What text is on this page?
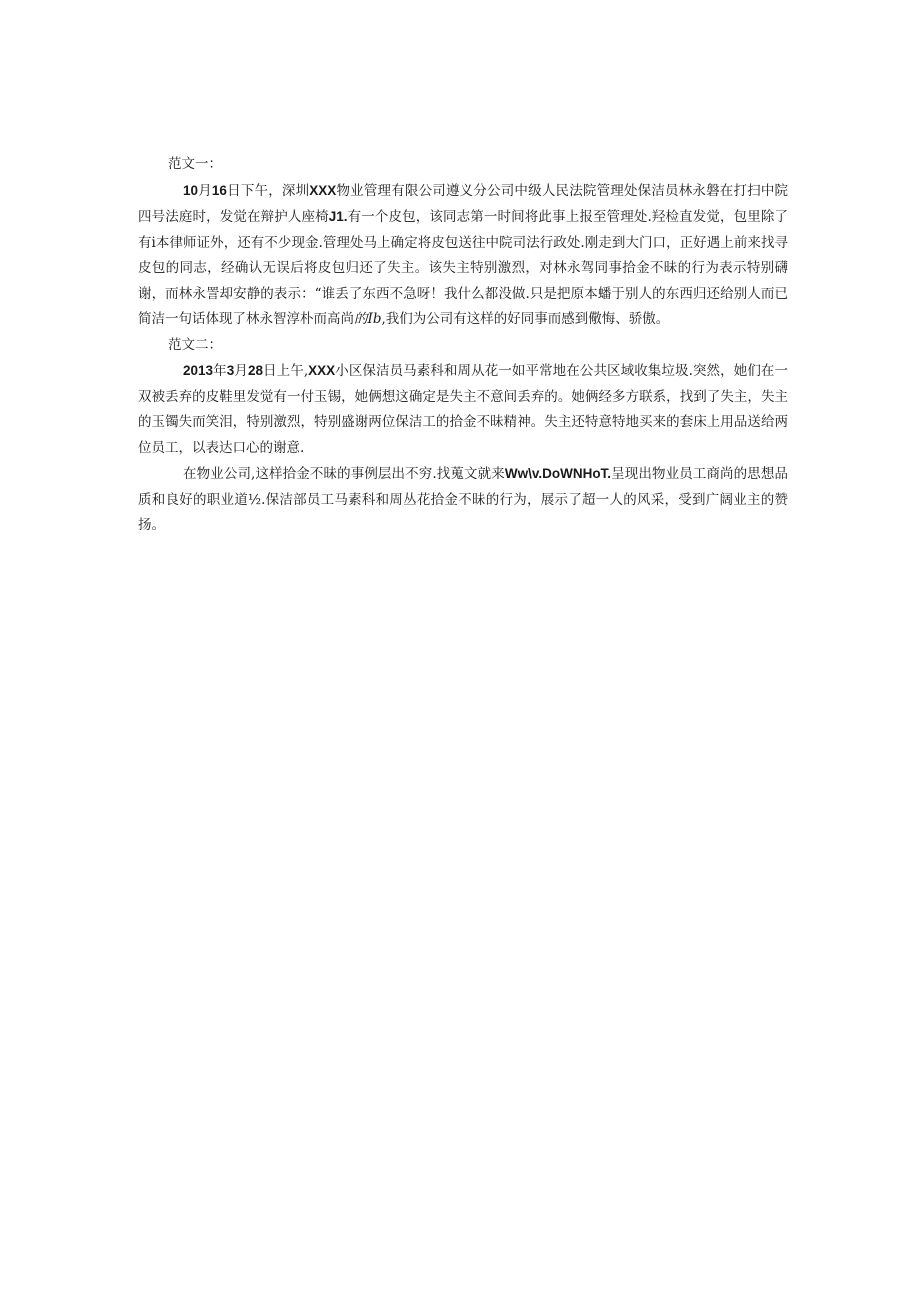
范文一：

10月16日下午，深圳XXX物业管理有限公司遵义分公司中级人民法院管理处保洁员林永磐在打扫中院四号法庭时，发觉在辩护人座椅J1.有一个皮包，该同志第一时间将此事上报至管理处.羟检直发觉，包里除了有i本律师证外，还有不少现金.管理处马上确定将皮包送往中院司法行政处.刚走到大门口，正好遇上前来找寻皮包的同志，经确认无误后将皮包归还了失主。该失主特别激烈，对林永驾同事拾金不昧的行为表示特别礴谢，而林永詈却安静的表示：“谁丢了东西不急呀！我什么都没做.只是把原本蟠于别人的东西归还给别人而已简洁一句话体现了林永智淳朴而高尚的Ib,我们为公司有这样的好同事而感到儆悔、骄傲。

范文二：

2013年3月28日上午,XXX小区保洁员马素科和周从花一如平常地在公共区域收集垃圾.突然，她们在一双被丢弃的皮鞋里发觉有一付玉锡，她俩想这确定是失主不意间丢弃的。她俩经多方联系，找到了失主，失主的玉镯失而笑泪，特别激烈，特别盛谢两位保洁工的拾金不昧精神。失主还特意特地买来的套床上用品送给两位员工，以表达口心的谢意.

在物业公司,这样拾金不昧的事例层出不穷.找蒐文就来Ww\v.DoWNHoT.呈现出物业员工商尚的思想品质和良好的职业道½.保洁部员工马素科和周丛花拾金不昧的行为，展示了超一人的风采，受到广阔业主的赞扬。
